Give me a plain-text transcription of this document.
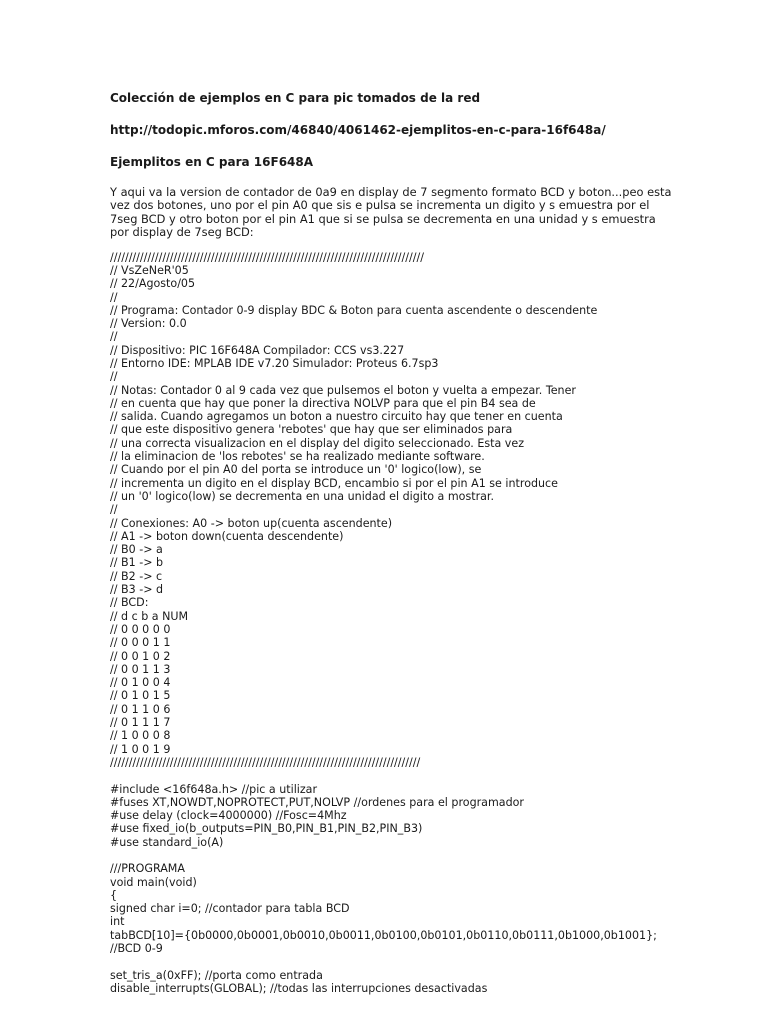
Colección de ejemplos en C para pic tomados de la red

http://todopic.mforos.com/46840/4061462-ejemplitos-en-c-para-16f648a/

Ejemplitos en C para 16F648A

Y aqui va la version de contador de 0a9 en display de 7 segmento formato BCD y boton...peo esta
vez dos botones, uno por el pin A0 que sis e pulsa se incrementa un digito y s emuestra por el
7seg BCD y otro boton por el pin A1 que si se pulsa se decrementa en una unidad y s emuestra
por display de 7seg BCD:
////////////////////////////////////////////////////////////////////////////////////
// VsZeNeR'05
// 22/Agosto/05
//
// Programa: Contador 0-9 display BDC & Boton para cuenta ascendente o descendente
// Version: 0.0
//
// Dispositivo: PIC 16F648A Compilador: CCS vs3.227
// Entorno IDE: MPLAB IDE v7.20 Simulador: Proteus 6.7sp3
//
// Notas: Contador 0 al 9 cada vez que pulsemos el boton y vuelta a empezar. Tener
// en cuenta que hay que poner la directiva NOLVP para que el pin B4 sea de
// salida. Cuando agregamos un boton a nuestro circuito hay que tener en cuenta
// que este dispositivo genera 'rebotes' que hay que ser eliminados para
// una correcta visualizacion en el display del digito seleccionado. Esta vez
// la eliminacion de 'los rebotes' se ha realizado mediante software.
// Cuando por el pin A0 del porta se introduce un '0' logico(low), se
// incrementa un digito en el display BCD, encambio si por el pin A1 se introduce
// un '0' logico(low) se decrementa en una unidad el digito a mostrar.
//
// Conexiones: A0 -> boton up(cuenta ascendente)
// A1 -> boton down(cuenta descendente)
// B0 -> a
// B1 -> b
// B2 -> c
// B3 -> d
// BCD:
// d c b a NUM
// 0 0 0 0 0
// 0 0 0 1 1
// 0 0 1 0 2
// 0 0 1 1 3
// 0 1 0 0 4
// 0 1 0 1 5
// 0 1 1 0 6
// 0 1 1 1 7
// 1 0 0 0 8
// 1 0 0 1 9
///////////////////////////////////////////////////////////////////////////////////
#include <16f648a.h> //pic a utilizar
#fuses XT,NOWDT,NOPROTECT,PUT,NOLVP //ordenes para el programador
#use delay (clock=4000000) //Fosc=4Mhz
#use fixed_io(b_outputs=PIN_B0,PIN_B1,PIN_B2,PIN_B3)
#use standard_io(A)
///PROGRAMA
void main(void)
{
signed char i=0; //contador para tabla BCD
int
tabBCD[10]={0b0000,0b0001,0b0010,0b0011,0b0100,0b0101,0b0110,0b0111,0b1000,0b1001};
//BCD 0-9
set_tris_a(0xFF); //porta como entrada
disable_interrupts(GLOBAL); //todas las interrupciones desactivadas
